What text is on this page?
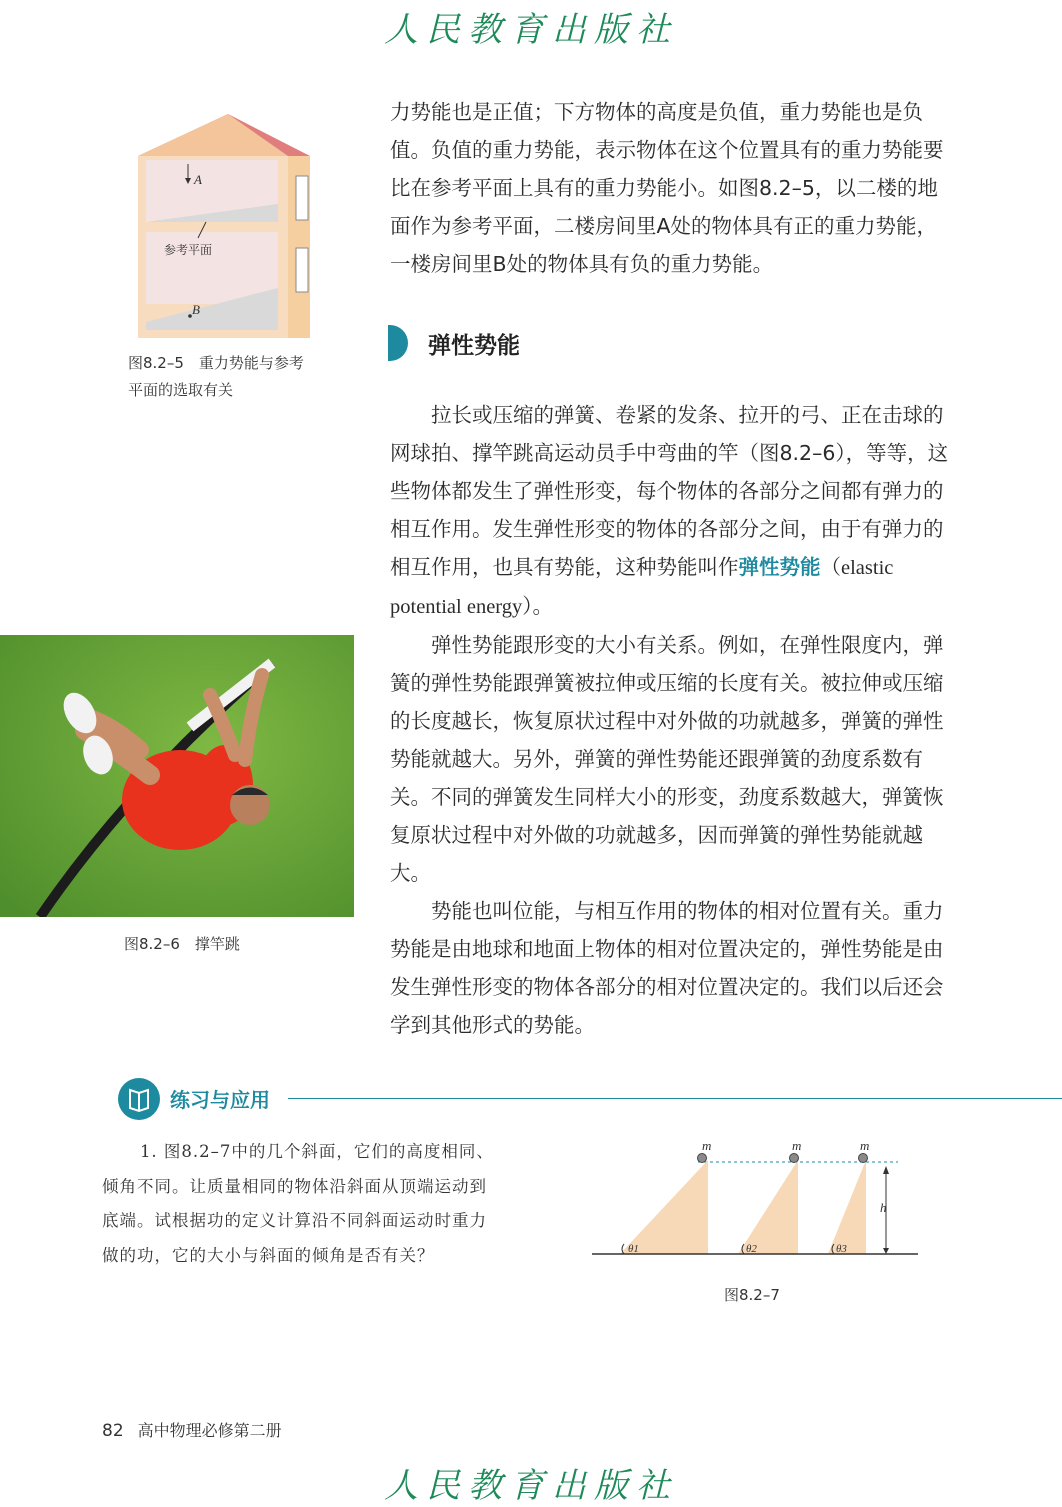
人民教育出版社
A
参考平面
B
图8.2–5　重力势能与参考
平面的选取有关

力势能也是正值；下方物体的高度是负值，重力势能也是负值。负值的重力势能，表示物体在这个位置具有的重力势能要比在参考平面上具有的重力势能小。如图8.2–5，以二楼的地面作为参考平面，二楼房间里A处的物体具有正的重力势能，一楼房间里B处的物体具有负的重力势能。

弹性势能

拉长或压缩的弹簧、卷紧的发条、拉开的弓、正在击球的网球拍、撑竿跳高运动员手中弯曲的竿（图8.2–6），等等，这些物体都发生了弹性形变，每个物体的各部分之间都有弹力的相互作用。发生弹性形变的物体的各部分之间，由于有弹力的相互作用，也具有势能，这种势能叫作弹性势能（elastic potential energy）。

弹性势能跟形变的大小有关系。例如，在弹性限度内，弹簧的弹性势能跟弹簧被拉伸或压缩的长度有关。被拉伸或压缩的长度越长，恢复原状过程中对外做的功就越多，弹簧的弹性势能就越大。另外，弹簧的弹性势能还跟弹簧的劲度系数有关。不同的弹簧发生同样大小的形变，劲度系数越大，弹簧恢复原状过程中对外做的功就越多，因而弹簧的弹性势能就越大。

势能也叫位能，与相互作用的物体的相对位置有关。重力势能是由地球和地面上物体的相对位置决定的，弹性势能是由发生弹性形变的物体各部分的相对位置决定的。我们以后还会学到其他形式的势能。

图8.2–6　撑竿跳
练习与应用

1. 图8.2–7中的几个斜面，它们的高度相同、倾角不同。让质量相同的物体沿斜面从顶端运动到底端。试根据功的定义计算沿不同斜面运动时重力做的功，它的大小与斜面的倾角是否有关？

m	m	m
h
θ1	θ2	θ3
图8.2–7
82 高中物理必修第二册
人民教育出版社
